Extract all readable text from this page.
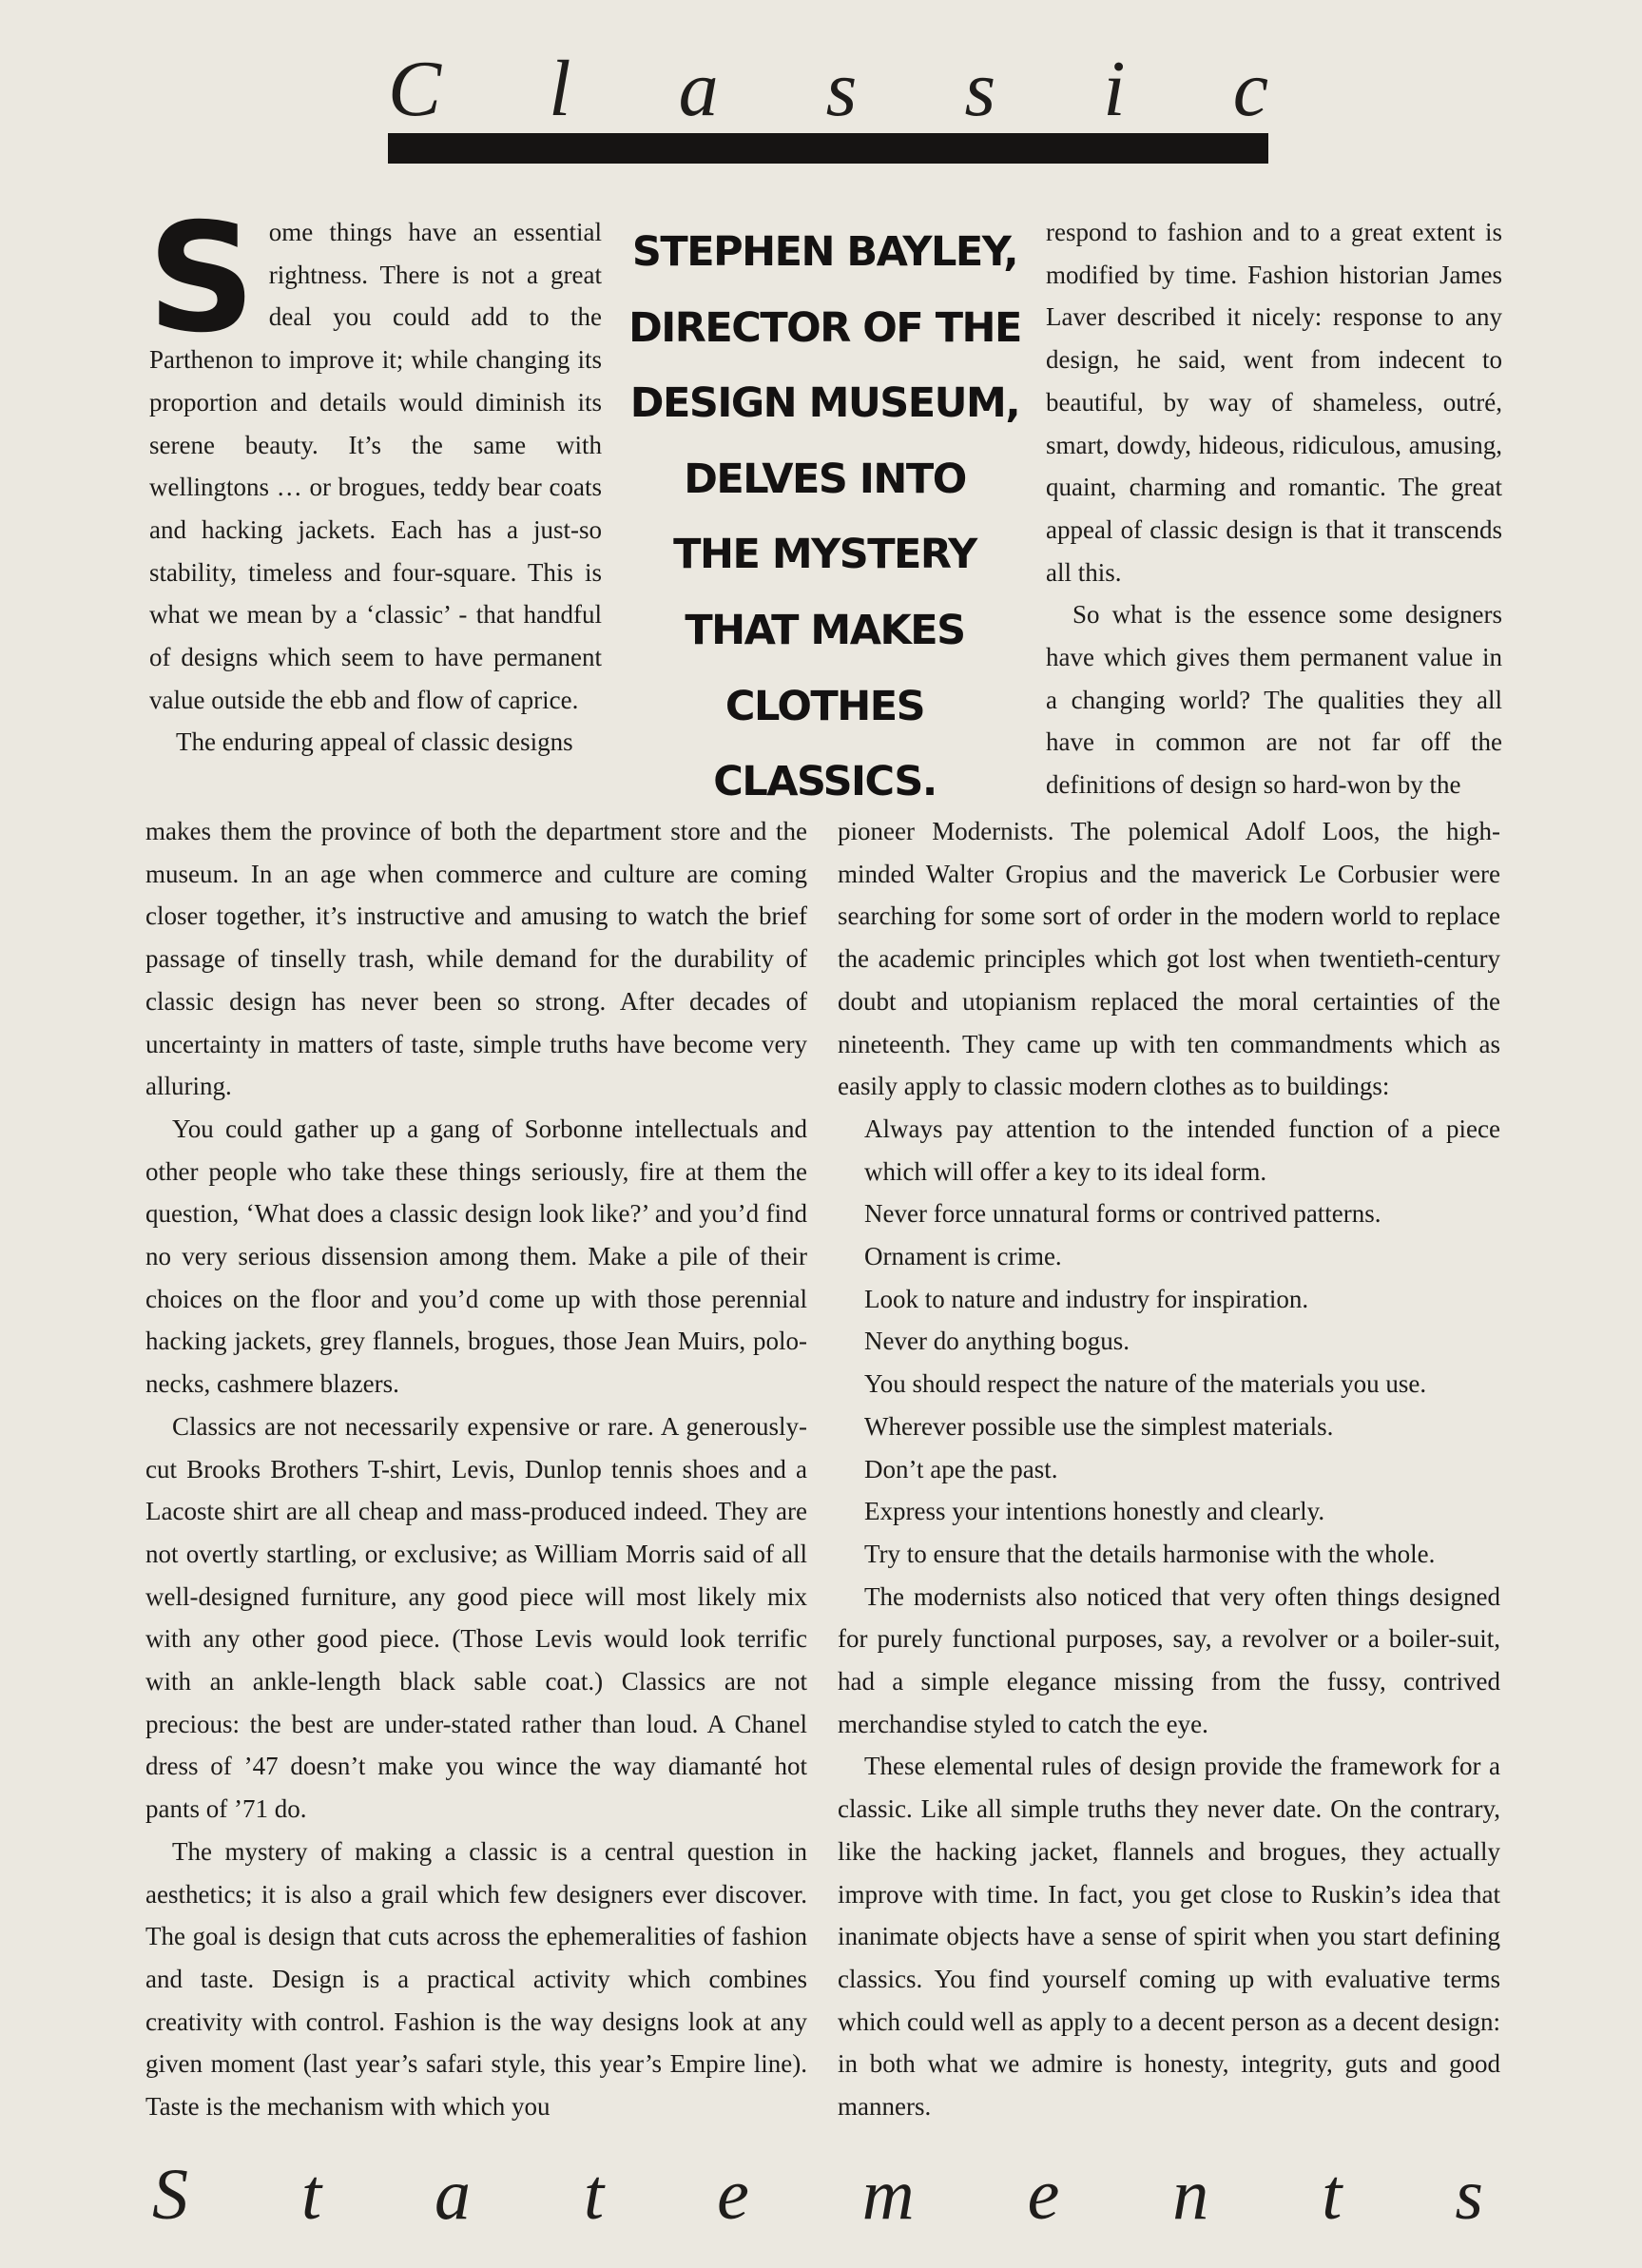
C l a s s i c

Some things have an essential rightness. There is not a great deal you could add to the Parthenon to improve it; while changing its proportion and details would diminish its serene beauty. It’s the same with wellingtons … or brogues, teddy bear coats and hacking jackets. Each has a just-so stability, timeless and four-square. This is what we mean by a ‘classic’ - that handful of designs which seem to have permanent value outside the ebb and flow of caprice.

The enduring appeal of classic designs

STEPHEN BAYLEY,
DIRECTOR OF THE
DESIGN MUSEUM,
DELVES INTO
THE MYSTERY
THAT MAKES
CLOTHES
CLASSICS.

respond to fashion and to a great extent is modified by time. Fashion historian James Laver described it nicely: response to any design, he said, went from indecent to beautiful, by way of shameless, outré, smart, dowdy, hideous, ridiculous, amusing, quaint, charming and romantic. The great appeal of classic design is that it transcends all this.

So what is the essence some designers have which gives them permanent value in a changing world? The qualities they all have in common are not far off the definitions of design so hard-won by the

makes them the province of both the department store and the museum. In an age when commerce and culture are coming closer together, it’s instructive and amusing to watch the brief passage of tinselly trash, while demand for the durability of classic design has never been so strong. After decades of uncertainty in matters of taste, simple truths have become very alluring.

You could gather up a gang of Sorbonne intellectuals and other people who take these things seriously, fire at them the question, ‘What does a classic design look like?’ and you’d find no very serious dissension among them. Make a pile of their choices on the floor and you’d come up with those perennial hacking jackets, grey flannels, brogues, those Jean Muirs, polo-necks, cashmere blazers.

Classics are not necessarily expensive or rare. A generously-cut Brooks Brothers T-shirt, Levis, Dunlop tennis shoes and a Lacoste shirt are all cheap and mass-produced indeed. They are not overtly startling, or exclusive; as William Morris said of all well-designed furniture, any good piece will most likely mix with any other good piece. (Those Levis would look terrific with an ankle-length black sable coat.) Classics are not precious: the best are under-stated rather than loud. A Chanel dress of ’47 doesn’t make you wince the way diamanté hot pants of ’71 do.

The mystery of making a classic is a central question in aesthetics; it is also a grail which few designers ever discover. The goal is design that cuts across the ephemeralities of fashion and taste. Design is a practical activity which combines creativity with control. Fashion is the way designs look at any given moment (last year’s safari style, this year’s Empire line). Taste is the mechanism with which you

pioneer Modernists. The polemical Adolf Loos, the high-minded Walter Gropius and the maverick Le Corbusier were searching for some sort of order in the modern world to replace the academic principles which got lost when twentieth-century doubt and utopianism replaced the moral certainties of the nineteenth. They came up with ten commandments which as easily apply to classic modern clothes as to buildings:

Always pay attention to the intended function of a piece which will offer a key to its ideal form.

Never force unnatural forms or contrived patterns.

Ornament is crime.

Look to nature and industry for inspiration.

Never do anything bogus.

You should respect the nature of the materials you use.

Wherever possible use the simplest materials.

Don’t ape the past.

Express your intentions honestly and clearly.

Try to ensure that the details harmonise with the whole.

The modernists also noticed that very often things designed for purely functional purposes, say, a revolver or a boiler-suit, had a simple elegance missing from the fussy, contrived merchandise styled to catch the eye.

These elemental rules of design provide the framework for a classic. Like all simple truths they never date. On the contrary, like the hacking jacket, flannels and brogues, they actually improve with time. In fact, you get close to Ruskin’s idea that inanimate objects have a sense of spirit when you start defining classics. You find yourself coming up with evaluative terms which could well as apply to a decent person as a decent design: in both what we admire is honesty, integrity, guts and good manners.

S t a t e m e n t s
